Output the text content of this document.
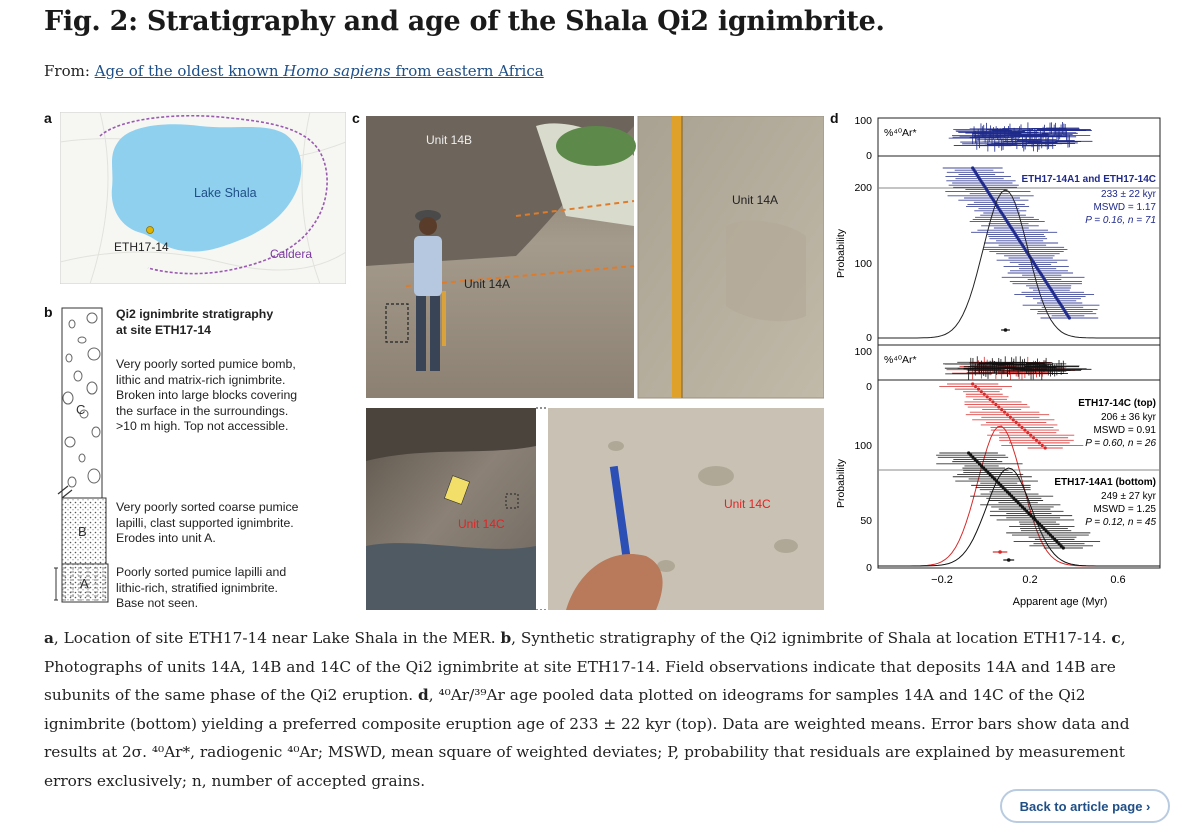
Fig. 2: Stratigraphy and age of the Shala Qi2 ignimbrite.
From: Age of the oldest known Homo sapiens from eastern Africa
a
Lake Shala
ETH17-14	Caldera
b
C
B
A
Qi2 ignimbrite stratigraphy
at site ETH17-14
Very poorly sorted pumice bomb,
lithic and matrix-rich ignimbrite.
Broken into large blocks covering
the surface in the surroundings.
>10 m high. Top not accessible.
Very poorly sorted coarse pumice
lapilli, clast supported ignimbrite.
Erodes into unit A.
Poorly sorted pumice lapilli and
lithic-rich, stratified ignimbrite.
Base not seen.
c
Unit 14B
Unit 14A
Unit 14A
Unit 14C
Unit 14C
d
%⁴⁰Ar*
%⁴⁰Ar*
100
0
200
100
0
100
0
100
50
0
Probability
Probability
−0.2	0.2	0.6
Apparent age (Myr)
ETH17-14A1 and ETH17-14C
233 ± 22 kyr
MSWD = 1.17
P = 0.16, n = 71
ETH17-14C (top)
206 ± 36 kyr
MSWD = 0.91
P = 0.60, n = 26
ETH17-14A1 (bottom)
249 ± 27 kyr
MSWD = 1.25
P = 0.12, n = 45
a, Location of site ETH17-14 near Lake Shala in the MER. b, Synthetic stratigraphy of the Qi2 ignimbrite of Shala at location ETH17-14. c, Photographs of units 14A, 14B and 14C of the Qi2 ignimbrite at site ETH17-14. Field observations indicate that deposits 14A and 14B are subunits of the same phase of the Qi2 eruption. d, ⁴⁰Ar/³⁹Ar age pooled data plotted on ideograms for samples 14A and 14C of the Qi2 ignimbrite (bottom) yielding a preferred composite eruption age of 233 ± 22 kyr (top). Data are weighted means. Error bars show data and results at 2σ. ⁴⁰Ar*, radiogenic ⁴⁰Ar; MSWD, mean square of weighted deviates; P, probability that residuals are explained by measurement errors exclusively; n, number of accepted grains.
Back to article page ›
